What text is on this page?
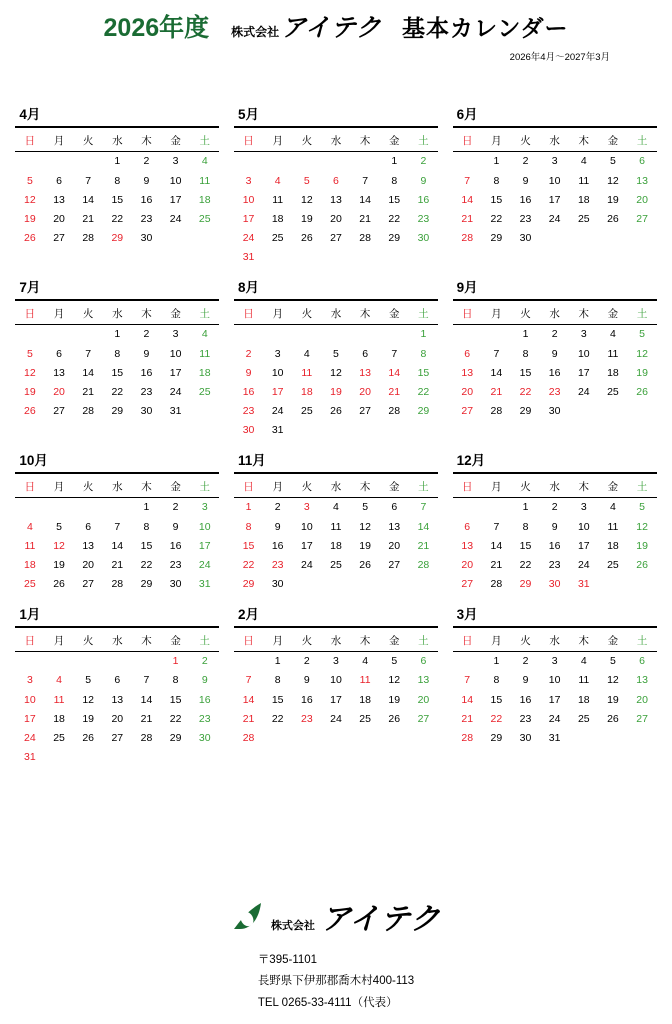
2026年度 株式会社 アイテク 基本カレンダー
2026年4月～2027年3月
4月
日	月	火	水	木	金	土
			1	2	3	4
5	6	7	8	9	10	11
12	13	14	15	16	17	18
19	20	21	22	23	24	25
26	27	28	29	30		
5月
日	月	火	水	木	金	土
					1	2
3	4	5	6	7	8	9
10	11	12	13	14	15	16
17	18	19	20	21	22	23
24	25	26	27	28	29	30
31						
6月
日	月	火	水	木	金	土
	1	2	3	4	5	6
7	8	9	10	11	12	13
14	15	16	17	18	19	20
21	22	23	24	25	26	27
28	29	30				
7月
日	月	火	水	木	金	土
			1	2	3	4
5	6	7	8	9	10	11
12	13	14	15	16	17	18
19	20	21	22	23	24	25
26	27	28	29	30	31	
8月
日	月	火	水	木	金	土
						1
2	3	4	5	6	7	8
9	10	11	12	13	14	15
16	17	18	19	20	21	22
23	24	25	26	27	28	29
30	31					
9月
日	月	火	水	木	金	土
		1	2	3	4	5
6	7	8	9	10	11	12
13	14	15	16	17	18	19
20	21	22	23	24	25	26
27	28	29	30			
10月
日	月	火	水	木	金	土
				1	2	3
4	5	6	7	8	9	10
11	12	13	14	15	16	17
18	19	20	21	22	23	24
25	26	27	28	29	30	31
11月
日	月	火	水	木	金	土
1	2	3	4	5	6	7
8	9	10	11	12	13	14
15	16	17	18	19	20	21
22	23	24	25	26	27	28
29	30					
12月
日	月	火	水	木	金	土
		1	2	3	4	5
6	7	8	9	10	11	12
13	14	15	16	17	18	19
20	21	22	23	24	25	26
27	28	29	30	31		
1月
日	月	火	水	木	金	土
					1	2
3	4	5	6	7	8	9
10	11	12	13	14	15	16
17	18	19	20	21	22	23
24	25	26	27	28	29	30
31						
2月
日	月	火	水	木	金	土
	1	2	3	4	5	6
7	8	9	10	11	12	13
14	15	16	17	18	19	20
21	22	23	24	25	26	27
28						
3月
日	月	火	水	木	金	土
	1	2	3	4	5	6
7	8	9	10	11	12	13
14	15	16	17	18	19	20
21	22	23	24	25	26	27
28	29	30	31			
株式会社 アイテク
〒395-1101
長野県下伊那郡喬木村400-113
TEL 0265-33-4111（代表）
